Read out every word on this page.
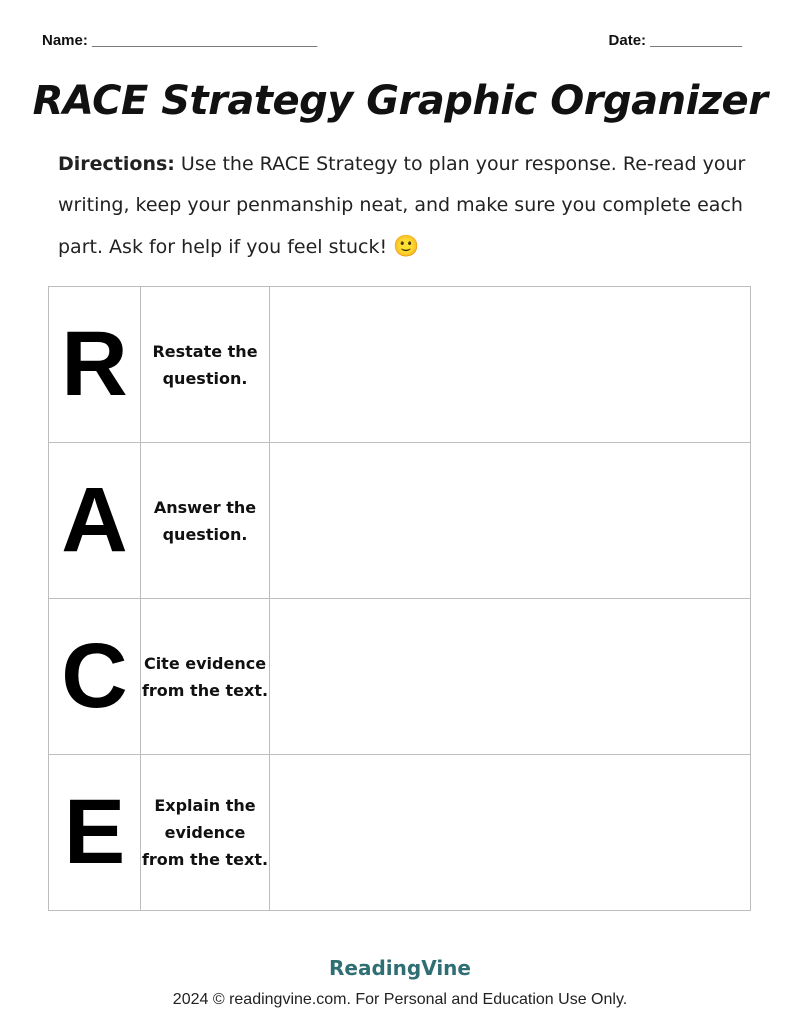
Name: ___________________________	Date: ___________
RACE Strategy Graphic Organizer
Directions: Use the RACE Strategy to plan your response. Re-read your writing, keep your penmanship neat, and make sure you complete each part. Ask for help if you feel stuck! 🙂
R	Restate the question.	
A	Answer the question.	
C	Cite evidence from the text.	
E	Explain the evidence from the text.	
ReadingVine
2024 © readingvine.com. For Personal and Education Use Only.
